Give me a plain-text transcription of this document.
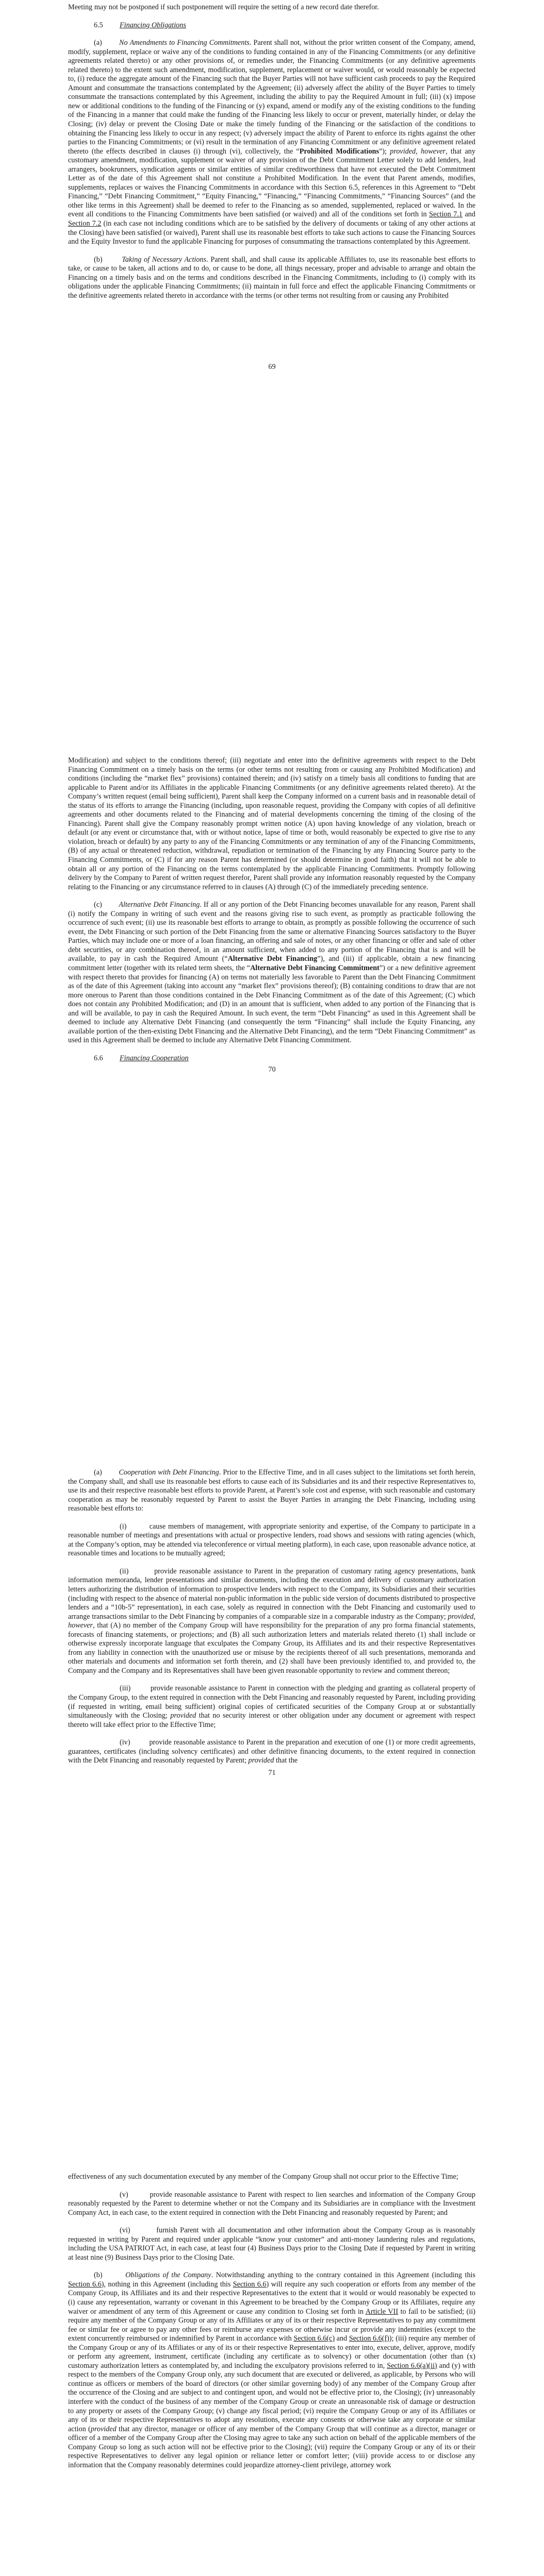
Meeting may not be postponed if such postponement will require the setting of a new record date therefor.

6.5 Financing Obligations

(a) No Amendments to Financing Commitments. Parent shall not, without the prior written consent of the Company, amend, modify, supplement, replace or waive any of the conditions to funding contained in any of the Financing Commitments (or any definitive agreements related thereto) or any other provisions of, or remedies under, the Financing Commitments (or any definitive agreements related thereto) to the extent such amendment, modification, supplement, replacement or waiver would, or would reasonably be expected to, (i) reduce the aggregate amount of the Financing such that the Buyer Parties will not have sufficient cash proceeds to pay the Required Amount and consummate the transactions contemplated by the Agreement; (ii) adversely affect the ability of the Buyer Parties to timely consummate the transactions contemplated by this Agreement, including the ability to pay the Required Amount in full; (iii) (x) impose new or additional conditions to the funding of the Financing or (y) expand, amend or modify any of the existing conditions to the funding of the Financing in a manner that could make the funding of the Financing less likely to occur or prevent, materially hinder, or delay the Closing; (iv) delay or prevent the Closing Date or make the timely funding of the Financing or the satisfaction of the conditions to obtaining the Financing less likely to occur in any respect; (v) adversely impact the ability of Parent to enforce its rights against the other parties to the Financing Commitments; or (vi) result in the termination of any Financing Commitment or any definitive agreement related thereto (the effects described in clauses (i) through (vi), collectively, the “Prohibited Modifications”); provided, however, that any customary amendment, modification, supplement or waiver of any provision of the Debt Commitment Letter solely to add lenders, lead arrangers, bookrunners, syndication agents or similar entities of similar creditworthiness that have not executed the Debt Commitment Letter as of the date of this Agreement shall not constitute a Prohibited Modification. In the event that Parent amends, modifies, supplements, replaces or waives the Financing Commitments in accordance with this Section 6.5, references in this Agreement to “Debt Financing,” “Debt Financing Commitment,” “Equity Financing,” “Financing,” “Financing Commitments,” “Financing Sources” (and the other like terms in this Agreement) shall be deemed to refer to the Financing as so amended, supplemented, replaced or waived. In the event all conditions to the Financing Commitments have been satisfied (or waived) and all of the conditions set forth in Section 7.1 and Section 7.2 (in each case not including conditions which are to be satisfied by the delivery of documents or taking of any other actions at the Closing) have been satisfied (or waived), Parent shall use its reasonable best efforts to take such actions to cause the Financing Sources and the Equity Investor to fund the applicable Financing for purposes of consummating the transactions contemplated by this Agreement.

(b)	Taking of Necessary Actions. Parent shall, and shall cause its applicable Affiliates to, use its reasonable best efforts to take, or cause to be taken, all actions and to do, or cause to be done, all things necessary, proper and advisable to arrange and obtain the Financing on a timely basis and on the terms and conditions described in the Financing Commitments, including to (i) comply with its obligations under the applicable Financing Commitments; (ii) maintain in full force and effect the applicable Financing Commitments or the definitive agreements related thereto in accordance with the terms (or other terms not resulting from or causing any Prohibited

69

Modification) and subject to the conditions thereof; (iii) negotiate and enter into the definitive agreements with respect to the Debt Financing Commitment on a timely basis on the terms (or other terms not resulting from or causing any Prohibited Modification) and conditions (including the “market flex” provisions) contained therein; and (iv) satisfy on a timely basis all conditions to funding that are applicable to Parent and/or its Affiliates in the applicable Financing Commitments (or any definitive agreements related thereto). At the Company’s written request (email being sufficient), Parent shall keep the Company informed on a current basis and in reasonable detail of the status of its efforts to arrange the Financing (including, upon reasonable request, providing the Company with copies of all definitive agreements and other documents related to the Financing and of material developments concerning the timing of the closing of the Financing). Parent shall give the Company reasonably prompt written notice (A) upon having knowledge of any violation, breach or default (or any event or circumstance that, with or without notice, lapse of time or both, would reasonably be expected to give rise to any violation, breach or default) by any party to any of the Financing Commitments or any termination of any of the Financing Commitments, (B) of any actual or threatened reduction, withdrawal, repudiation or termination of the Financing by any Financing Source party to the Financing Commitments, or (C) if for any reason Parent has determined (or should determine in good faith) that it will not be able to obtain all or any portion of the Financing on the terms contemplated by the applicable Financing Commitments. Promptly following delivery by the Company to Parent of written request therefor, Parent shall provide any information reasonably requested by the Company relating to the Financing or any circumstance referred to in clauses (A) through (C) of the immediately preceding sentence.

(c) Alternative Debt Financing. If all or any portion of the Debt Financing becomes unavailable for any reason, Parent shall (i) notify the Company in writing of such event and the reasons giving rise to such event, as promptly as practicable following the occurrence of such event; (ii) use its reasonable best efforts to arrange to obtain, as promptly as possible following the occurrence of such event, the Debt Financing or such portion of the Debt Financing from the same or alternative Financing Sources satisfactory to the Buyer Parties, which may include one or more of a loan financing, an offering and sale of notes, or any other financing or offer and sale of other debt securities, or any combination thereof, in an amount sufficient, when added to any portion of the Financing that is and will be available, to pay in cash the Required Amount (“Alternative Debt Financing”), and (iii) if applicable, obtain a new financing commitment letter (together with its related term sheets, the “Alternative Debt Financing Commitment”) or a new definitive agreement with respect thereto that provides for financing (A) on terms not materially less favorable to Parent than the Debt Financing Commitment as of the date of this Agreement (taking into account any “market flex” provisions thereof); (B) containing conditions to draw that are not more onerous to Parent than those conditions contained in the Debt Financing Commitment as of the date of this Agreement; (C) which does not contain any Prohibited Modification; and (D) in an amount that is sufficient, when added to any portion of the Financing that is and will be available, to pay in cash the Required Amount. In such event, the term “Debt Financing” as used in this Agreement shall be deemed to include any Alternative Debt Financing (and consequently the term “Financing” shall include the Equity Financing, any available portion of the then-existing Debt Financing and the Alternative Debt Financing), and the term “Debt Financing Commitment” as used in this Agreement shall be deemed to include any Alternative Debt Financing Commitment.

6.6 Financing Cooperation

70

(a) Cooperation with Debt Financing. Prior to the Effective Time, and in all cases subject to the limitations set forth herein, the Company shall, and shall use its reasonable best efforts to cause each of its Subsidiaries and its and their respective Representatives to, use its and their respective reasonable best efforts to provide Parent, at Parent’s sole cost and expense, with such reasonable and customary cooperation as may be reasonably requested by Parent to assist the Buyer Parties in arranging the Debt Financing, including using reasonable best efforts to:

(i)	cause members of management, with appropriate seniority and expertise, of the Company to participate in a reasonable number of meetings and presentations with actual or prospective lenders, road shows and sessions with rating agencies (which, at the Company’s option, may be attended via teleconference or virtual meeting platform), in each case, upon reasonable advance notice, at reasonable times and locations to be mutually agreed;

(ii)	provide reasonable assistance to Parent in the preparation of customary rating agency presentations, bank information memoranda, lender presentations and similar documents, including the execution and delivery of customary authorization letters authorizing the distribution of information to prospective lenders with respect to the Company, its Subsidiaries and their securities (including with respect to the absence of material non-public information in the public side version of documents distributed to prospective lenders and a “10b-5” representation), in each case, solely as required in connection with the Debt Financing and customarily used to arrange transactions similar to the Debt Financing by companies of a comparable size in a comparable industry as the Company; provided, however, that (A) no member of the Company Group will have responsibility for the preparation of any pro forma financial statements, forecasts of financing statements, or projections; and (B) all such authorization letters and materials related thereto (1) shall include or otherwise expressly incorporate language that exculpates the Company Group, its Affiliates and its and their respective Representatives from any liability in connection with the unauthorized use or misuse by the recipients thereof of all such presentations, memoranda and other materials and documents and information set forth therein, and (2) shall have been previously identified to, and provided to, the Company and the Company and its Representatives shall have been given reasonable opportunity to review and comment thereon;

(iii)	provide reasonable assistance to Parent in connection with the pledging and granting as collateral property of the Company Group, to the extent required in connection with the Debt Financing and reasonably requested by Parent, including providing (if requested in writing, email being sufficient) original copies of certificated securities of the Company Group at or substantially simultaneously with the Closing; provided that no security interest or other obligation under any document or agreement with respect thereto will take effect prior to the Effective Time;

(iv)	provide reasonable assistance to Parent in the preparation and execution of one (1) or more credit agreements, guarantees, certificates (including solvency certificates) and other definitive financing documents, to the extent required in connection with the Debt Financing and reasonably requested by Parent; provided that the

71

effectiveness of any such documentation executed by any member of the Company Group shall not occur prior to the Effective Time;

(v)	provide reasonable assistance to Parent with respect to lien searches and information of the Company Group reasonably requested by the Parent to determine whether or not the Company and its Subsidiaries are in compliance with the Investment Company Act, in each case, to the extent required in connection with the Debt Financing and reasonably requested by Parent; and

(vi)	furnish Parent with all documentation and other information about the Company Group as is reasonably requested in writing by Parent and required under applicable “know your customer” and anti-money laundering rules and regulations, including the USA PATRIOT Act, in each case, at least four (4) Business Days prior to the Closing Date if requested by Parent in writing at least nine (9) Business Days prior to the Closing Date.

(b)	Obligations of the Company. Notwithstanding anything to the contrary contained in this Agreement (including this Section 6.6), nothing in this Agreement (including this Section 6.6) will require any such cooperation or efforts from any member of the Company Group, its Affiliates and its and their respective Representatives to the extent that it would or would reasonably be expected to (i) cause any representation, warranty or covenant in this Agreement to be breached by the Company Group or its Affiliates, require any waiver or amendment of any term of this Agreement or cause any condition to Closing set forth in Article VII to fail to be satisfied; (ii) require any member of the Company Group or any of its Affiliates or any of its or their respective Representatives to pay any commitment fee or similar fee or agree to pay any other fees or reimburse any expenses or otherwise incur or provide any indemnities (except to the extent concurrently reimbursed or indemnified by Parent in accordance with Section 6.6(c) and Section 6.6(f)); (iii) require any member of the Company Group or any of its Affiliates or any of its or their respective Representatives to enter into, execute, deliver, approve, modify or perform any agreement, instrument, certificate (including any certificate as to solvency) or other documentation (other than (x) customary authorization letters as contemplated by, and including the exculpatory provisions referred to in, Section 6.6(a)(ii) and (y) with respect to the members of the Company Group only, any such document that are executed or delivered, as applicable, by Persons who will continue as officers or members of the board of directors (or other similar governing body) of any member of the Company Group after the occurrence of the Closing and are subject to and contingent upon, and would not be effective prior to, the Closing); (iv) unreasonably interfere with the conduct of the business of any member of the Company Group or create an unreasonable risk of damage or destruction to any property or assets of the Company Group; (v) change any fiscal period; (vi) require the Company Group or any of its Affiliates or any of its or their respective Representatives to adopt any resolutions, execute any consents or otherwise take any corporate or similar action (provided that any director, manager or officer of any member of the Company Group that will continue as a director, manager or officer of a member of the Company Group after the Closing may agree to take any such action on behalf of the applicable members of the Company Group so long as such action will not be effective prior to the Closing); (vii) require the Company Group or any of its or their respective Representatives to deliver any legal opinion or reliance letter or comfort letter; (viii) provide access to or disclose any information that the Company reasonably determines could jeopardize attorney-client privilege, attorney work
